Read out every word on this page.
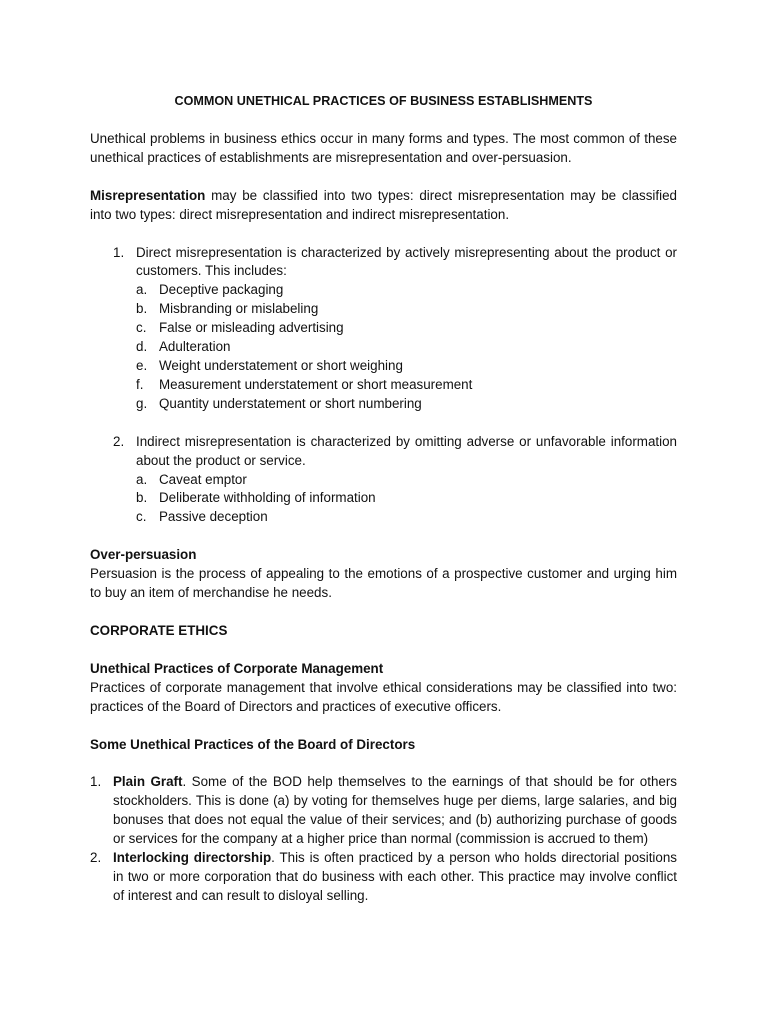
COMMON UNETHICAL PRACTICES OF BUSINESS ESTABLISHMENTS

Unethical problems in business ethics occur in many forms and types. The most common of these unethical practices of establishments are misrepresentation and over-persuasion.

Misrepresentation may be classified into two types: direct misrepresentation may be classified into two types: direct misrepresentation and indirect misrepresentation.

1. Direct misrepresentation is characterized by actively misrepresenting about the product or customers. This includes:
a. Deceptive packaging
b. Misbranding or mislabeling
c. False or misleading advertising
d. Adulteration
e. Weight understatement or short weighing
f. Measurement understatement or short measurement
g. Quantity understatement or short numbering
2. Indirect misrepresentation is characterized by omitting adverse or unfavorable information about the product or service.
a. Caveat emptor
b. Deliberate withholding of information
c. Passive deception
Over-persuasion

Persuasion is the process of appealing to the emotions of a prospective customer and urging him to buy an item of merchandise he needs.

CORPORATE ETHICS
Unethical Practices of Corporate Management

Practices of corporate management that involve ethical considerations may be classified into two: practices of the Board of Directors and practices of executive officers.

Some Unethical Practices of the Board of Directors
1. Plain Graft. Some of the BOD help themselves to the earnings of that should be for others stockholders. This is done (a) by voting for themselves huge per diems, large salaries, and big bonuses that does not equal the value of their services; and (b) authorizing purchase of goods or services for the company at a higher price than normal (commission is accrued to them)
2. Interlocking directorship. This is often practiced by a person who holds directorial positions in two or more corporation that do business with each other. This practice may involve conflict of interest and can result to disloyal selling.
